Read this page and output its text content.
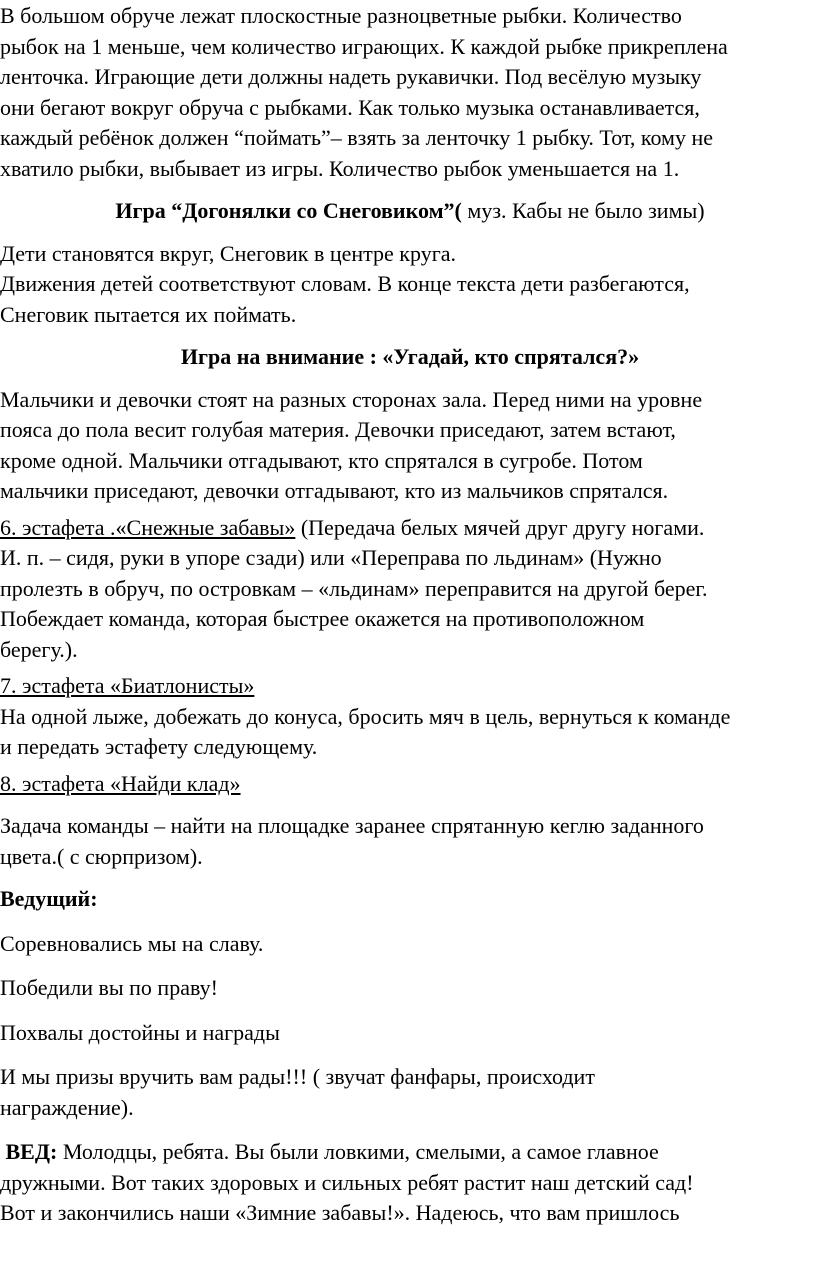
В большом обруче лежат плоскостные разноцветные рыбки. Количество
рыбок на 1 меньше, чем количество играющих. К каждой рыбке прикреплена
ленточка. Играющие дети должны надеть рукавички. Под весёлую музыку
они бегают вокруг обруча с рыбками. Как только музыка останавливается,
каждый ребёнок должен “поймать”– взять за ленточку 1 рыбку. Тот, кому не
хватило рыбки, выбывает из игры. Количество рыбок уменьшается на 1.

Игра “Догонялки со Снеговиком”( муз. Кабы не было зимы)

Дети становятся вкруг, Снеговик в центре круга.
Движения детей соответствуют словам. В конце текста дети разбегаются,
Снеговик пытается их поймать.

Игра на внимание : «Угадай, кто спрятался?»

Мальчики и девочки стоят на разных сторонах зала. Перед ними на уровне
пояса до пола весит голубая материя. Девочки приседают, затем встают,
кроме одной. Мальчики отгадывают, кто спрятался в сугробе. Потом
мальчики приседают, девочки отгадывают, кто из мальчиков спрятался.

6. эстафета .«Снежные забавы» (Передача белых мячей друг другу ногами.
И. п. – сидя, руки в упоре сзади) или «Переправа по льдинам» (Нужно
пролезть в обруч, по островкам – «льдинам» переправится на другой берег.
Побеждает команда, которая быстрее окажется на противоположном
берегу.).

7. эстафета «Биатлонисты»
На одной лыже, добежать до конуса, бросить мяч в цель, вернуться к команде
и передать эстафету следующему.

8. эстафета «Найди клад»

Задача команды – найти на площадке заранее спрятанную кеглю заданного
цвета.( с сюрпризом).

Ведущий:

Соревновались мы на славу.

Победили вы по праву!

Похвалы достойны и награды

И мы призы вручить вам рады!!! ( звучат фанфары, происходит
награждение).

ВЕД: Молодцы, ребята. Вы были ловкими, смелыми, а самое главное
дружными. Вот таких здоровых и сильных ребят растит наш детский сад!
Вот и закончились наши «Зимние забавы!». Надеюсь, что вам пришлось
